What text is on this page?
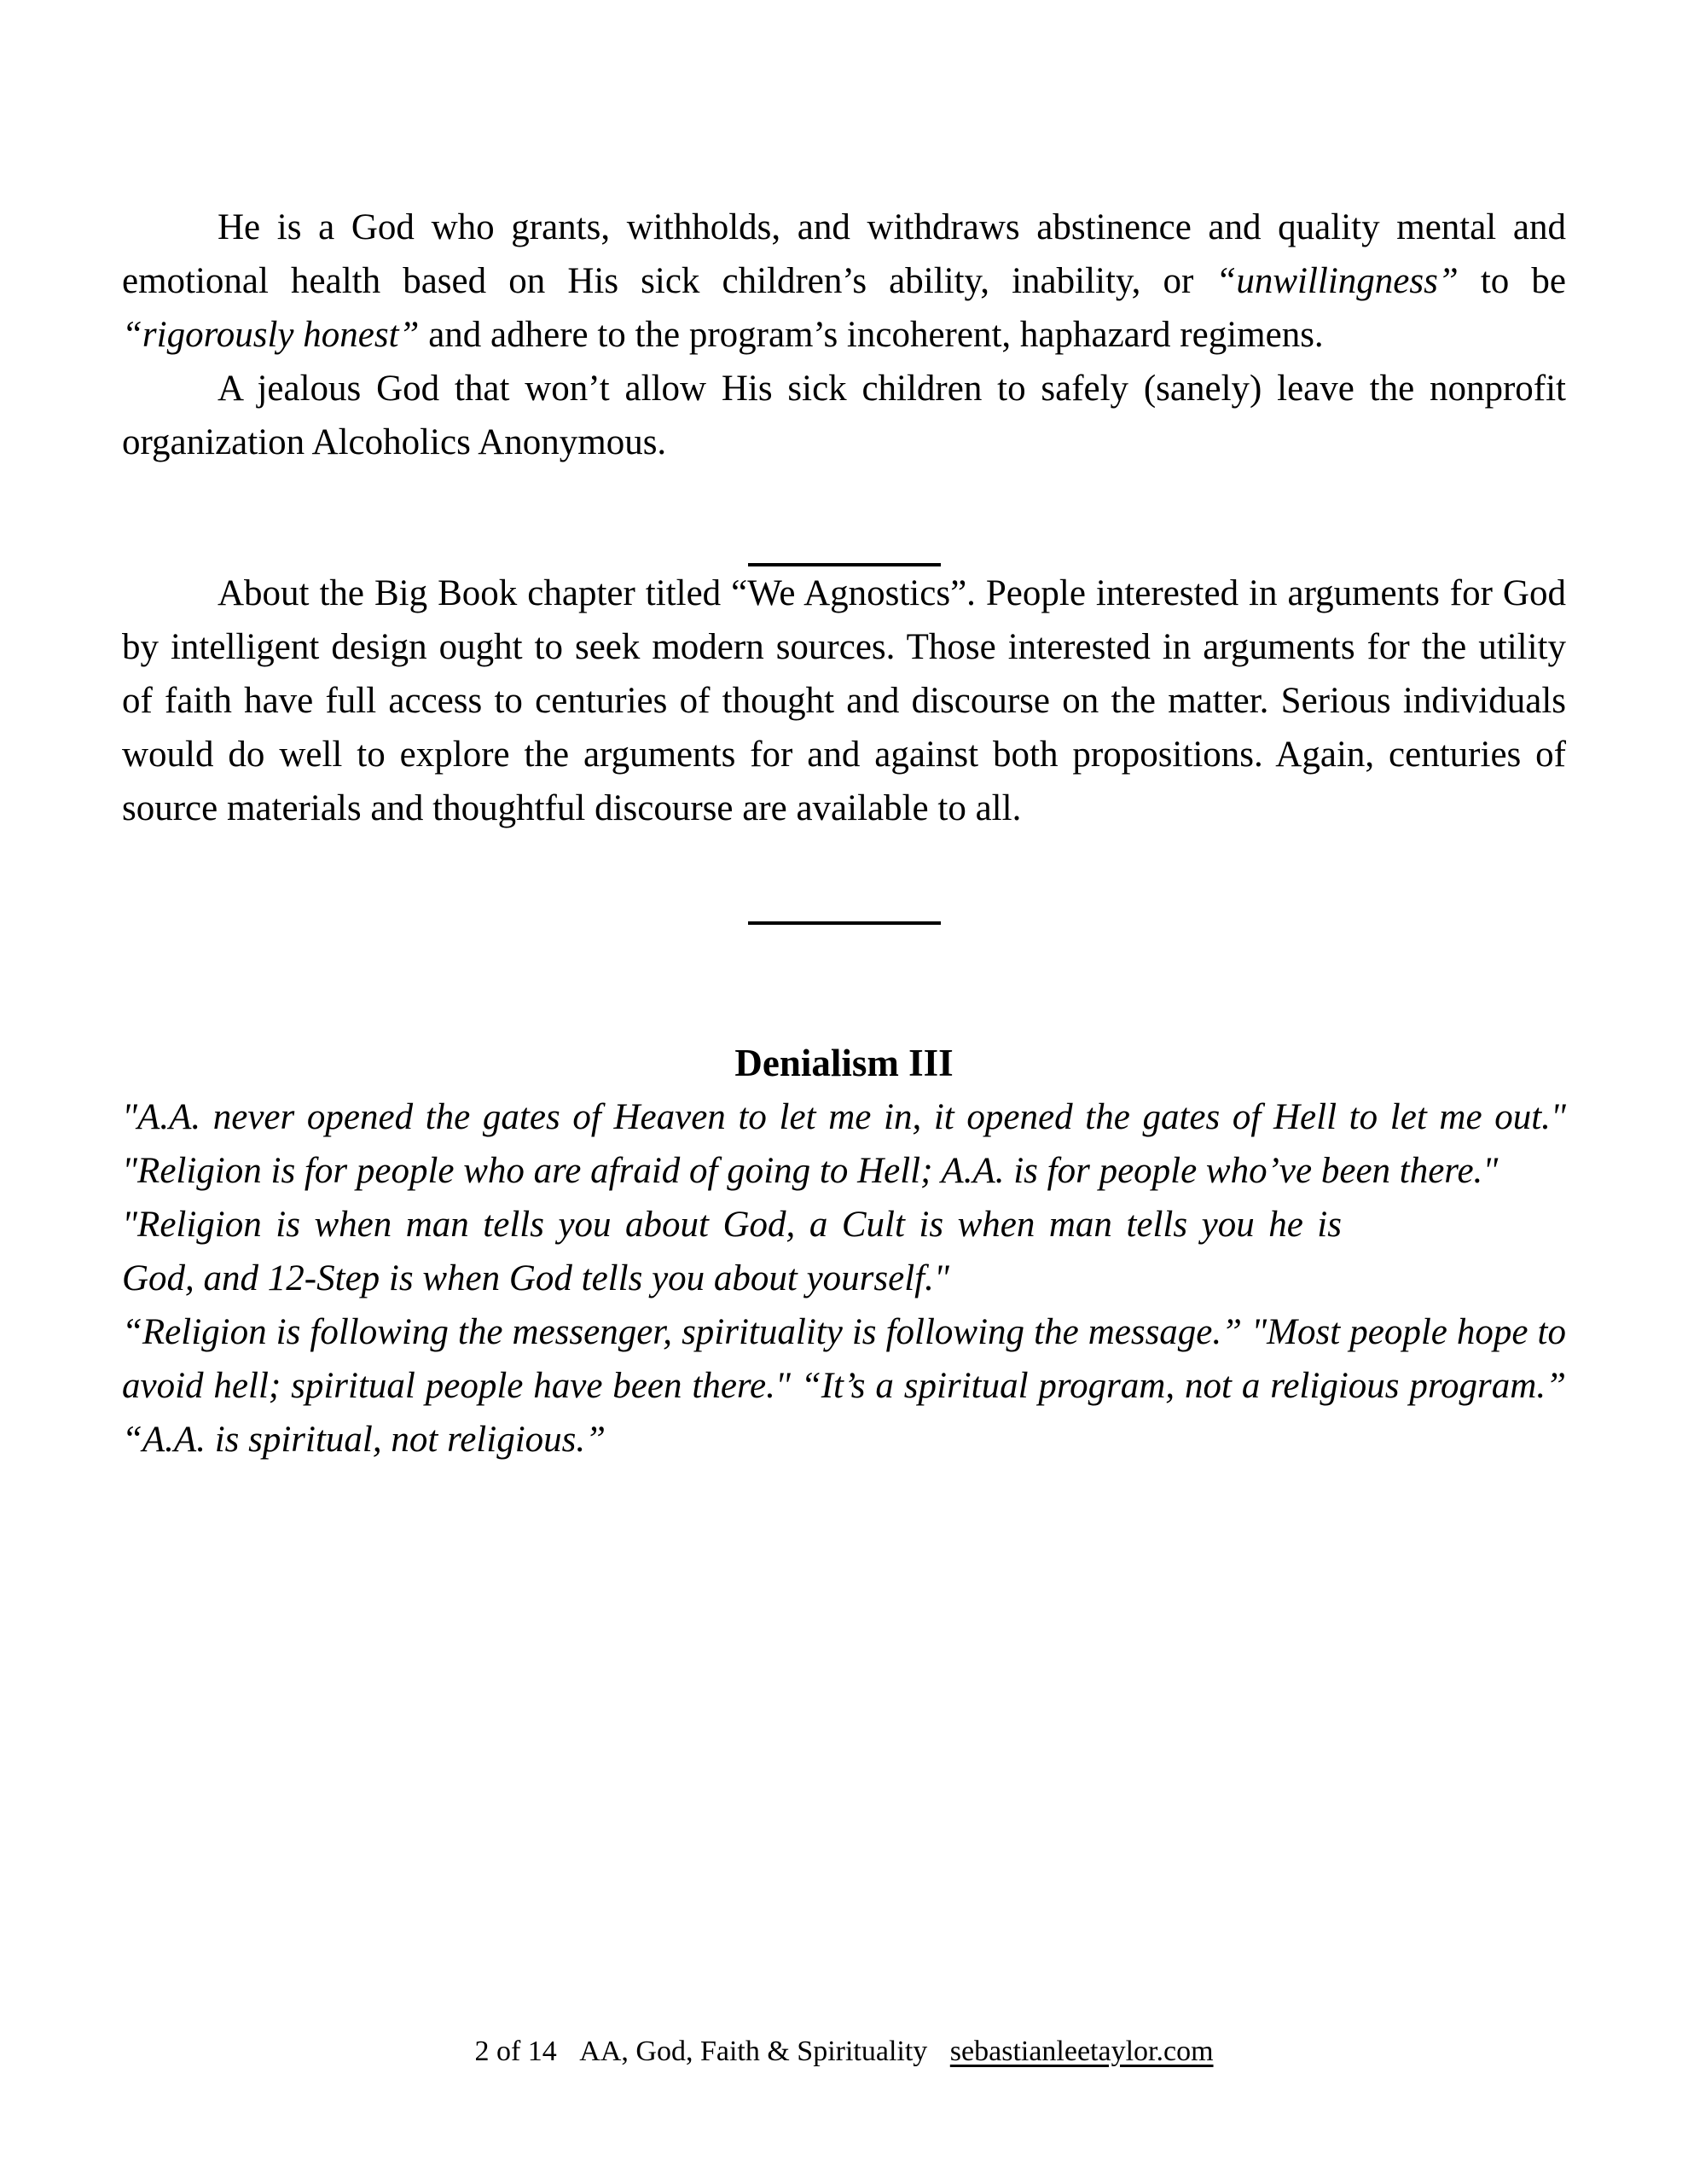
He is a God who grants, withholds, and withdraws abstinence and quality mental and emotional health based on His sick children’s ability, inability, or “unwillingness” to be “rigorously honest” and adhere to the program’s incoherent, haphazard regimens.

A jealous God that won’t allow His sick children to safely (sanely) leave the nonprofit organization Alcoholics Anonymous.

About the Big Book chapter titled “We Agnostics”. People interested in arguments for God by intelligent design ought to seek modern sources. Those interested in arguments for the utility of faith have full access to centuries of thought and discourse on the matter. Serious individuals would do well to explore the arguments for and against both propositions. Again, centuries of source materials and thoughtful discourse are available to all.

Denialism III

"A.A. never opened the gates of Heaven to let me in, it opened the gates of Hell to let me out." "Religion is for people who are afraid of going to Hell; A.A. is for people who’ve been there."

"Religion is when man tells you about God, a Cult is when man tells you he is God, and 12-Step is when God tells you about yourself."

“Religion is following the messenger, spirituality is following the message.” "Most people hope to avoid hell; spiritual people have been there." “It’s a spiritual program, not a religious program.” “A.A. is spiritual, not religious.”

2 of 14 AA, God, Faith & Spirituality sebastianleetaylor.com
